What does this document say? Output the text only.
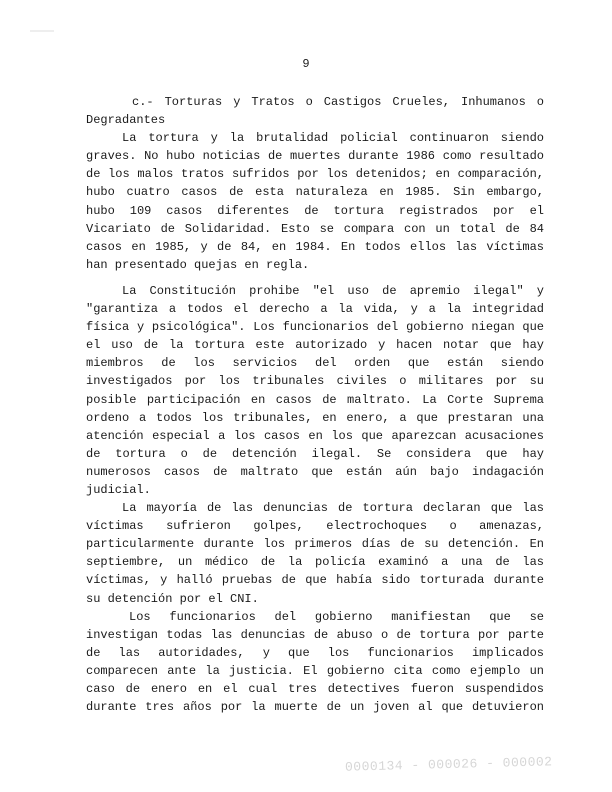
9
c.- Torturas y Tratos o Castigos Crueles, Inhumanos o
Degradantes
La tortura y la brutalidad policial continuaron siendo
graves. No hubo noticias de muertes durante 1986 como resultado
de los malos tratos sufridos por los detenidos; en comparación,
hubo cuatro casos de esta naturaleza en 1985. Sin embargo,
hubo 109 casos diferentes de tortura registrados por el
Vicariato de Solidaridad. Esto se compara con un total de 84
casos en 1985, y de 84, en 1984. En todos ellos las víctimas
han presentado quejas en regla.
La Constitución prohibe "el uso de apremio ilegal" y
"garantiza a todos el derecho a la vida, y a la integridad
física y psicológica". Los funcionarios del gobierno niegan que
el uso de la tortura este autorizado y hacen notar que hay
miembros de los servicios del orden que están siendo
investigados por los tribunales civiles o militares por su
posible participación en casos de maltrato. La Corte Suprema
ordeno a todos los tribunales, en enero, a que prestaran una
atención especial a los casos en los que aparezcan acusaciones
de tortura o de detención ilegal. Se considera que hay
numerosos casos de maltrato que están aún bajo indagación
judicial.
La mayoría de las denuncias de tortura declaran que las
víctimas sufrieron golpes, electrochoques o amenazas,
particularmente durante los primeros días de su detención. En
septiembre, un médico de la policía examinó a una de las
víctimas, y halló pruebas de que había sido torturada durante
su detención por el CNI.
Los funcionarios del gobierno manifiestan que se
investigan todas las denuncias de abuso o de tortura por parte
de las autoridades, y que los funcionarios implicados
comparecen ante la justicia. El gobierno cita como ejemplo un
caso de enero en el cual tres detectives fueron suspendidos
durante tres años por la muerte de un joven al que detuvieron
0000134 - 000026 - 000002
